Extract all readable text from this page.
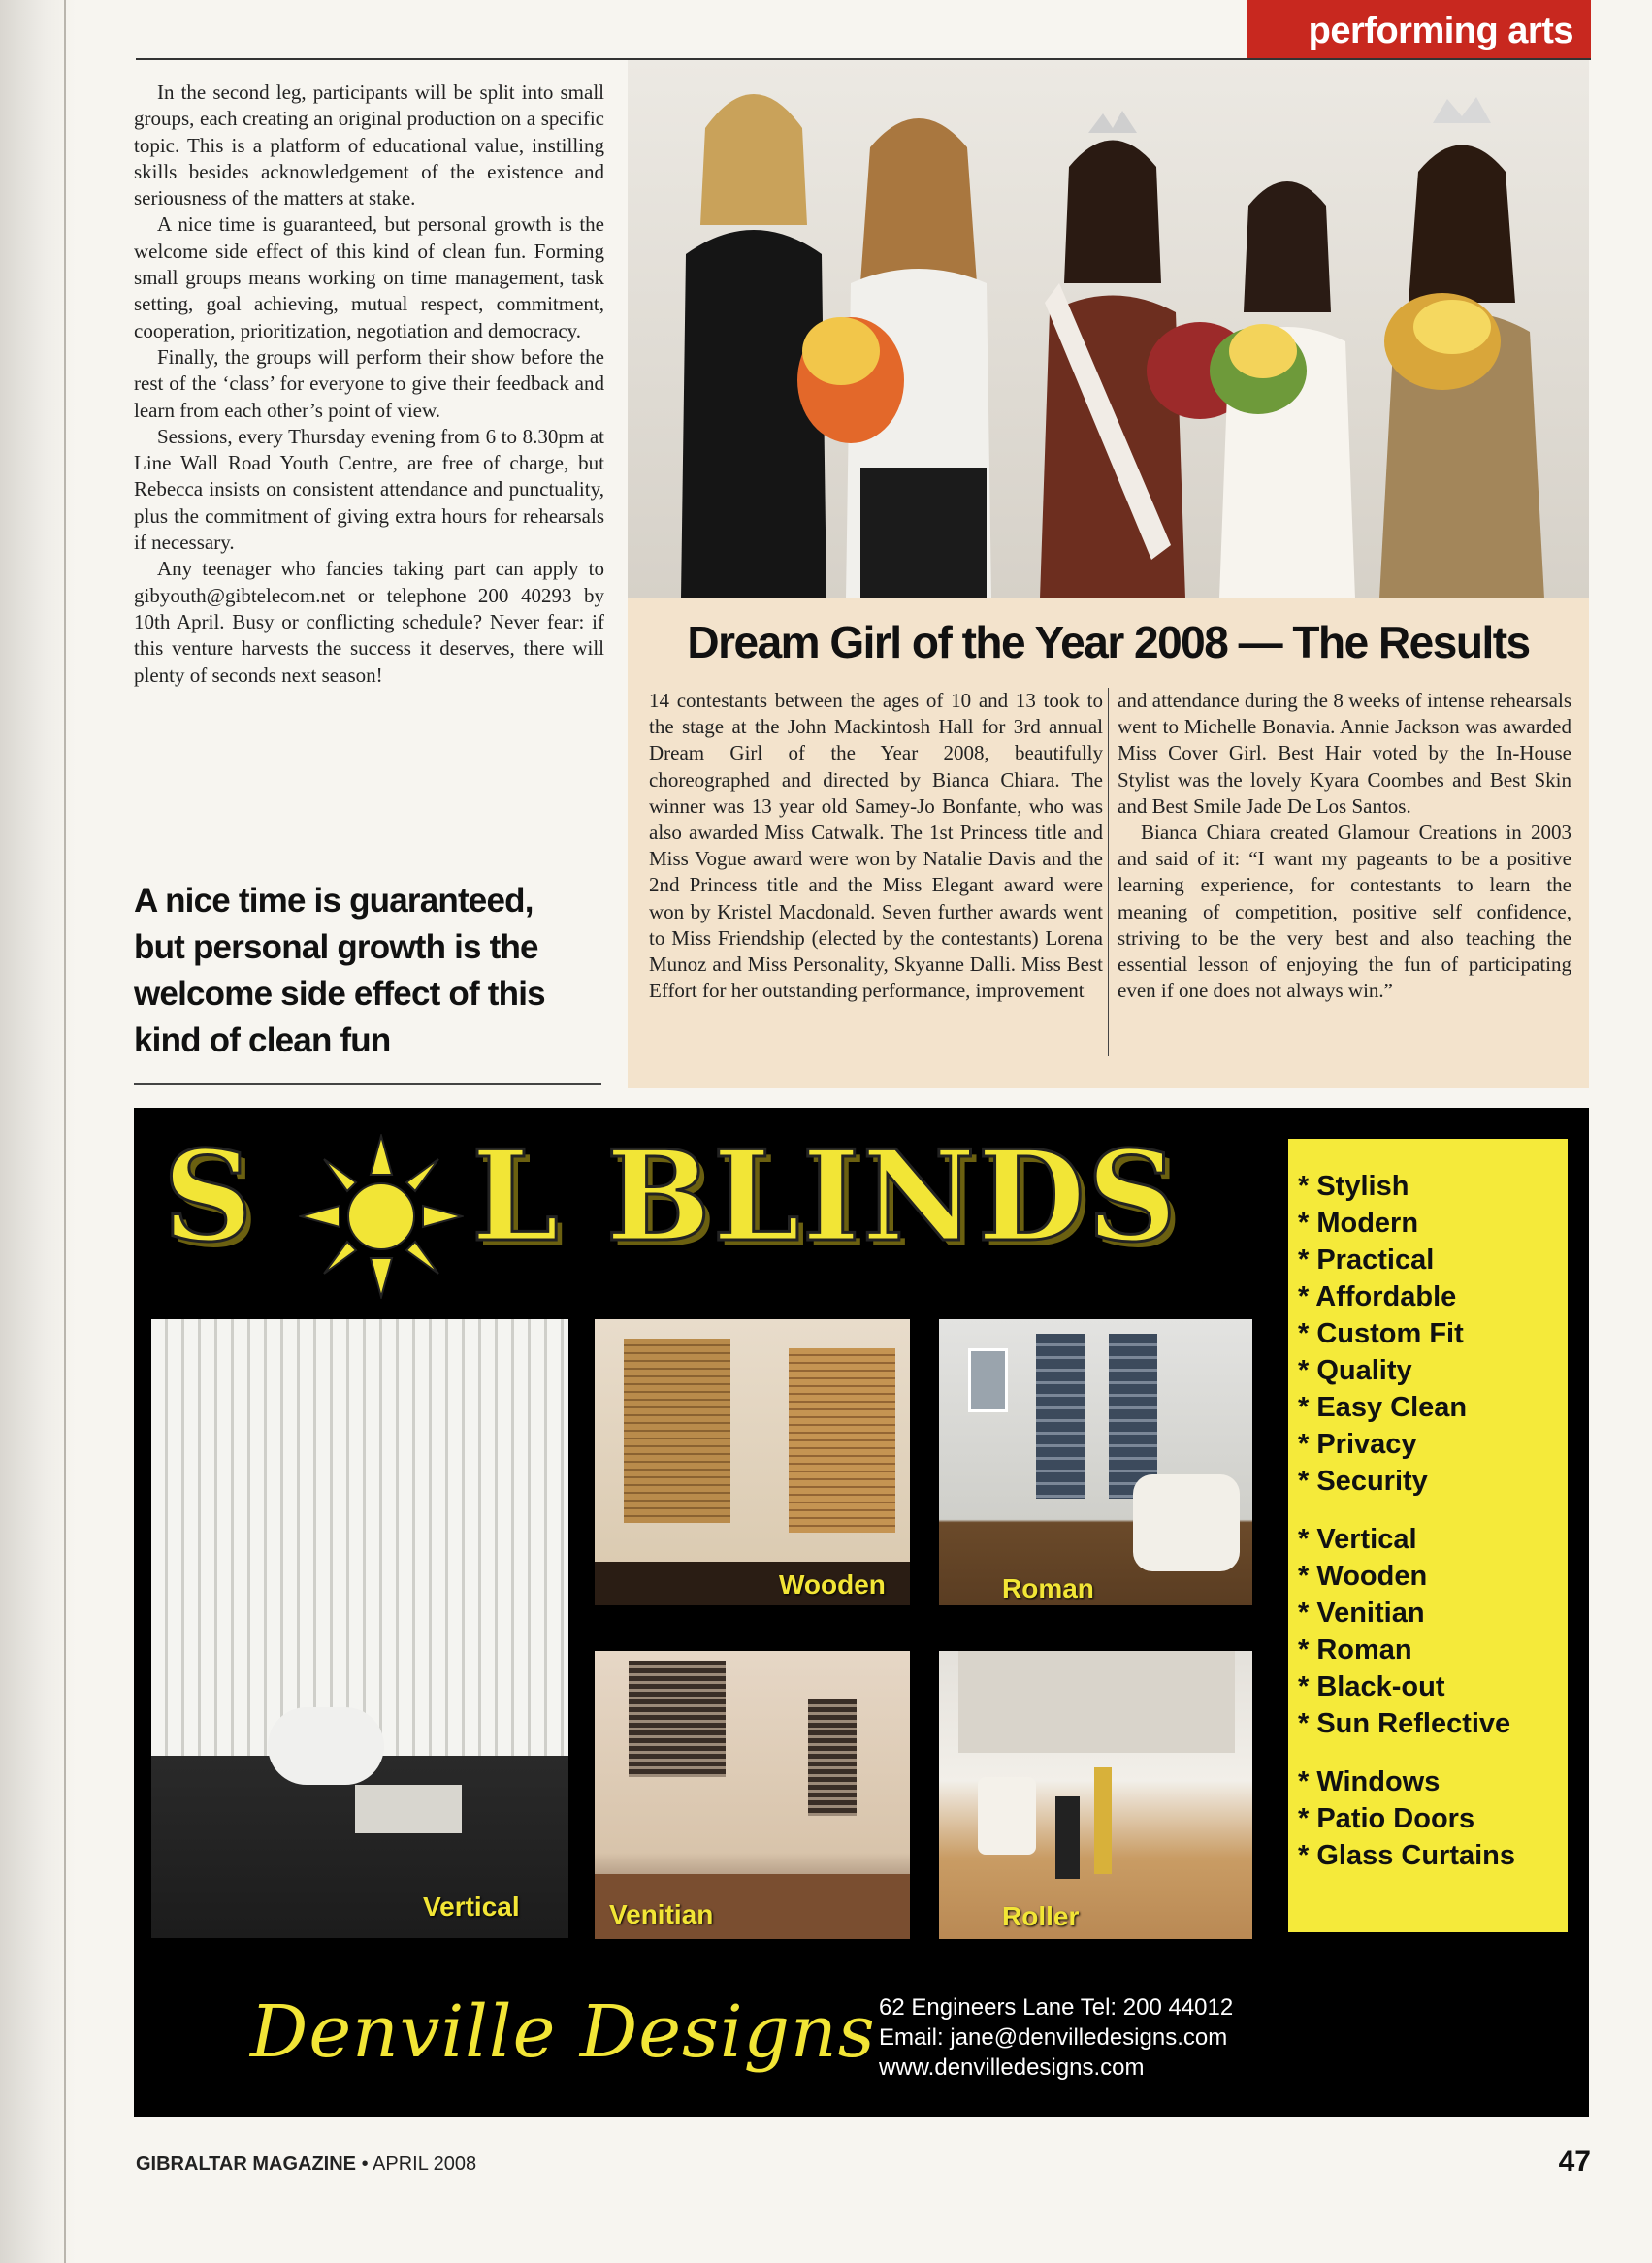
performing arts

In the second leg, participants will be split into small groups, each creating an original production on a specific topic. This is a platform of educational value, instilling skills besides acknowledgement of the existence and seriousness of the matters at stake.

A nice time is guaranteed, but personal growth is the welcome side effect of this kind of clean fun. Forming small groups means working on time management, task setting, goal achieving, mutual respect, commitment, cooperation, prioritization, negotiation and democracy.

Finally, the groups will perform their show before the rest of the ‘class’ for everyone to give their feedback and learn from each other’s point of view.

Sessions, every Thursday evening from 6 to 8.30pm at Line Wall Road Youth Centre, are free of charge, but Rebecca insists on consistent attendance and punctuality, plus the commitment of giving extra hours for rehearsals if necessary.

Any teenager who fancies taking part can apply to gibyouth@gibtelecom.net or telephone 200 40293 by 10th April. Busy or conflicting schedule? Never fear: if this venture harvests the success it deserves, there will plenty of seconds next season!

A nice time is guaranteed, but personal growth is the welcome side effect of this kind of clean fun
Dream Girl of the Year 2008 — The Results

14 contestants between the ages of 10 and 13 took to the stage at the John Mackintosh Hall for 3rd annual Dream Girl of the Year 2008, beautifully choreographed and directed by Bianca Chiara. The winner was 13 year old Samey-Jo Bonfante, who was also awarded Miss Catwalk. The 1st Princess title and Miss Vogue award were won by Natalie Davis and the 2nd Princess title and the Miss Elegant award were won by Kristel Macdonald. Seven further awards went to Miss Friendship (elected by the contestants) Lorena Munoz and Miss Personality, Skyanne Dalli. Miss Best Effort for her outstanding performance, improvement

and attendance during the 8 weeks of intense rehearsals went to Michelle Bonavia. Annie Jackson was awarded Miss Cover Girl. Best Hair voted by the In-House Stylist was the lovely Kyara Coombes and Best Skin and Best Smile Jade De Los Santos.

Bianca Chiara created Glamour Creations in 2003 and said of it: “I want my pageants to be a positive learning experience, for contestants to learn the meaning of competition, positive self confidence, striving to be the very best and also teaching the essential lesson of enjoying the fun of participating even if one does not always win.”

S L BLINDS	* Stylish
* Modern
* Practical
* Affordable
* Custom Fit
* Quality
* Easy Clean
* Privacy
* Security
* Vertical
* Wooden
* Venitian
* Roman
* Black-out
* Sun Reflective
* Windows
* Patio Doors
* Glass Curtains
Vertical
Wooden	Roman
Venitian	Roller
Denville Designs 62 Engineers Lane Tel: 200 44012
Email: jane@denvilledesigns.com
www.denvilledesigns.com
GIBRALTAR MAGAZINE • APRIL 2008	47
